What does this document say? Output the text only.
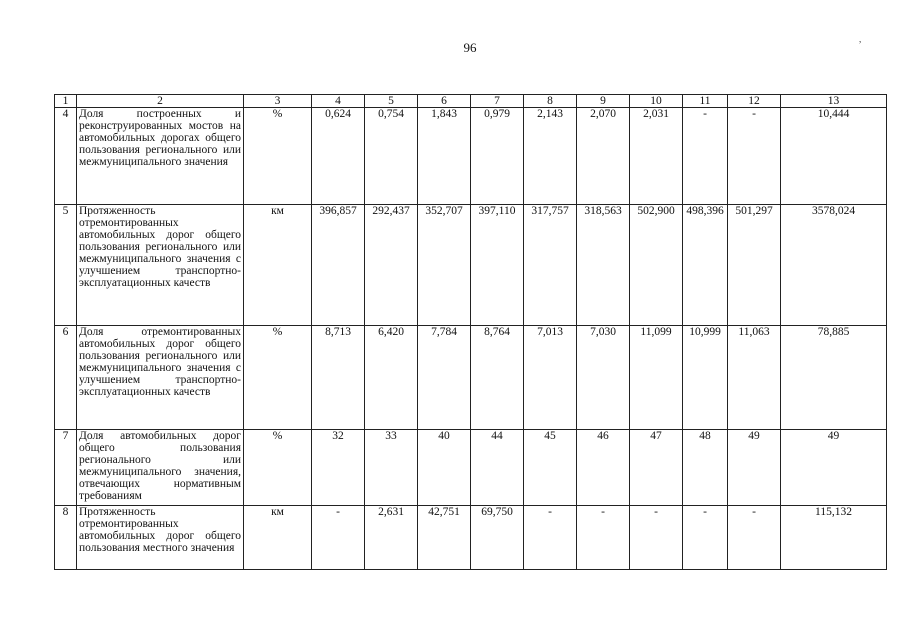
96
,
1	2	3	4	5	6	7	8	9	10	11	12	13
4	Доля построенных и реконструированных мостов на автомобильных дорогах общего пользования регионального или межмуниципального значения	%	0,624	0,754	1,843	0,979	2,143	2,070	2,031	-	-	10,444
5	Протяженность отремонтированных автомобильных дорог общего пользования регионального или межмуниципального значения с улучшением транспортно-эксплуатационных качеств	км	396,857	292,437	352,707	397,110	317,757	318,563	502,900	498,396	501,297	3578,024
6	Доля отремонтированных автомобильных дорог общего пользования регионального или межмуниципального значения с улучшением транспортно-эксплуатационных качеств	%	8,713	6,420	7,784	8,764	7,013	7,030	11,099	10,999	11,063	78,885
7	Доля автомобильных дорог общего пользования регионального или межмуниципального значения, отвечающих нормативным требованиям	%	32	33	40	44	45	46	47	48	49	49
8	Протяженность отремонтированных автомобильных дорог общего пользования местного значения	км	-	2,631	42,751	69,750	-	-	-	-	-	115,132
